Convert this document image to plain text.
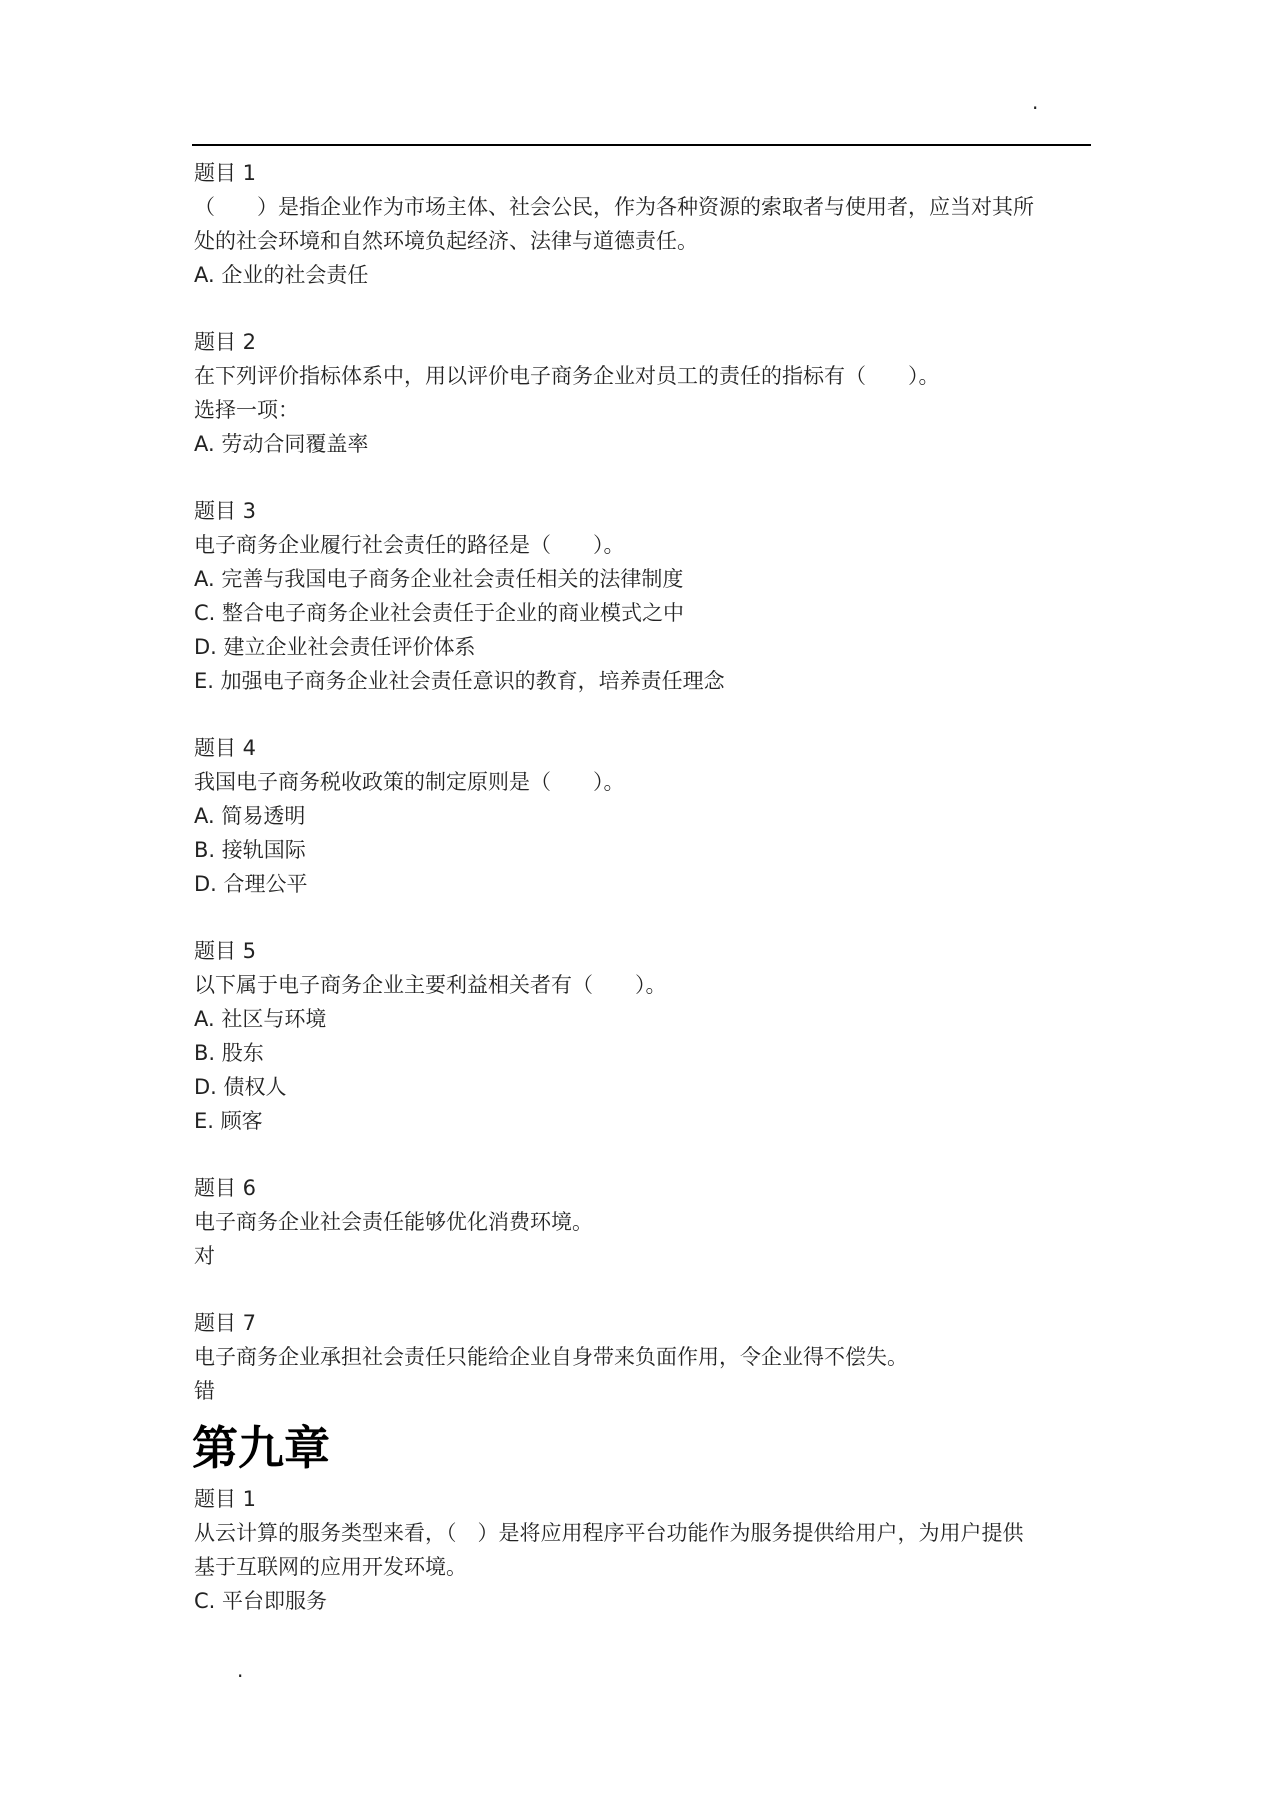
.
题目 1
（　　）是指企业作为市场主体、社会公民，作为各种资源的索取者与使用者，应当对其所
处的社会环境和自然环境负起经济、法律与道德责任。
A. 企业的社会责任
题目 2
在下列评价指标体系中，用以评价电子商务企业对员工的责任的指标有（　　）。
选择一项：
A. 劳动合同覆盖率
题目 3
电子商务企业履行社会责任的路径是（　　）。
A. 完善与我国电子商务企业社会责任相关的法律制度
C. 整合电子商务企业社会责任于企业的商业模式之中
D. 建立企业社会责任评价体系
E. 加强电子商务企业社会责任意识的教育，培养责任理念
题目 4
我国电子商务税收政策的制定原则是（　　）。
A. 简易透明
B. 接轨国际
D. 合理公平
题目 5
以下属于电子商务企业主要利益相关者有（　　）。
A. 社区与环境
B. 股东
D. 债权人
E. 顾客
题目 6
电子商务企业社会责任能够优化消费环境。
对
题目 7
电子商务企业承担社会责任只能给企业自身带来负面作用，令企业得不偿失。
错
第九章
题目 1
从云计算的服务类型来看，（　）是将应用程序平台功能作为服务提供给用户，为用户提供
基于互联网的应用开发环境。
C. 平台即服务
.
